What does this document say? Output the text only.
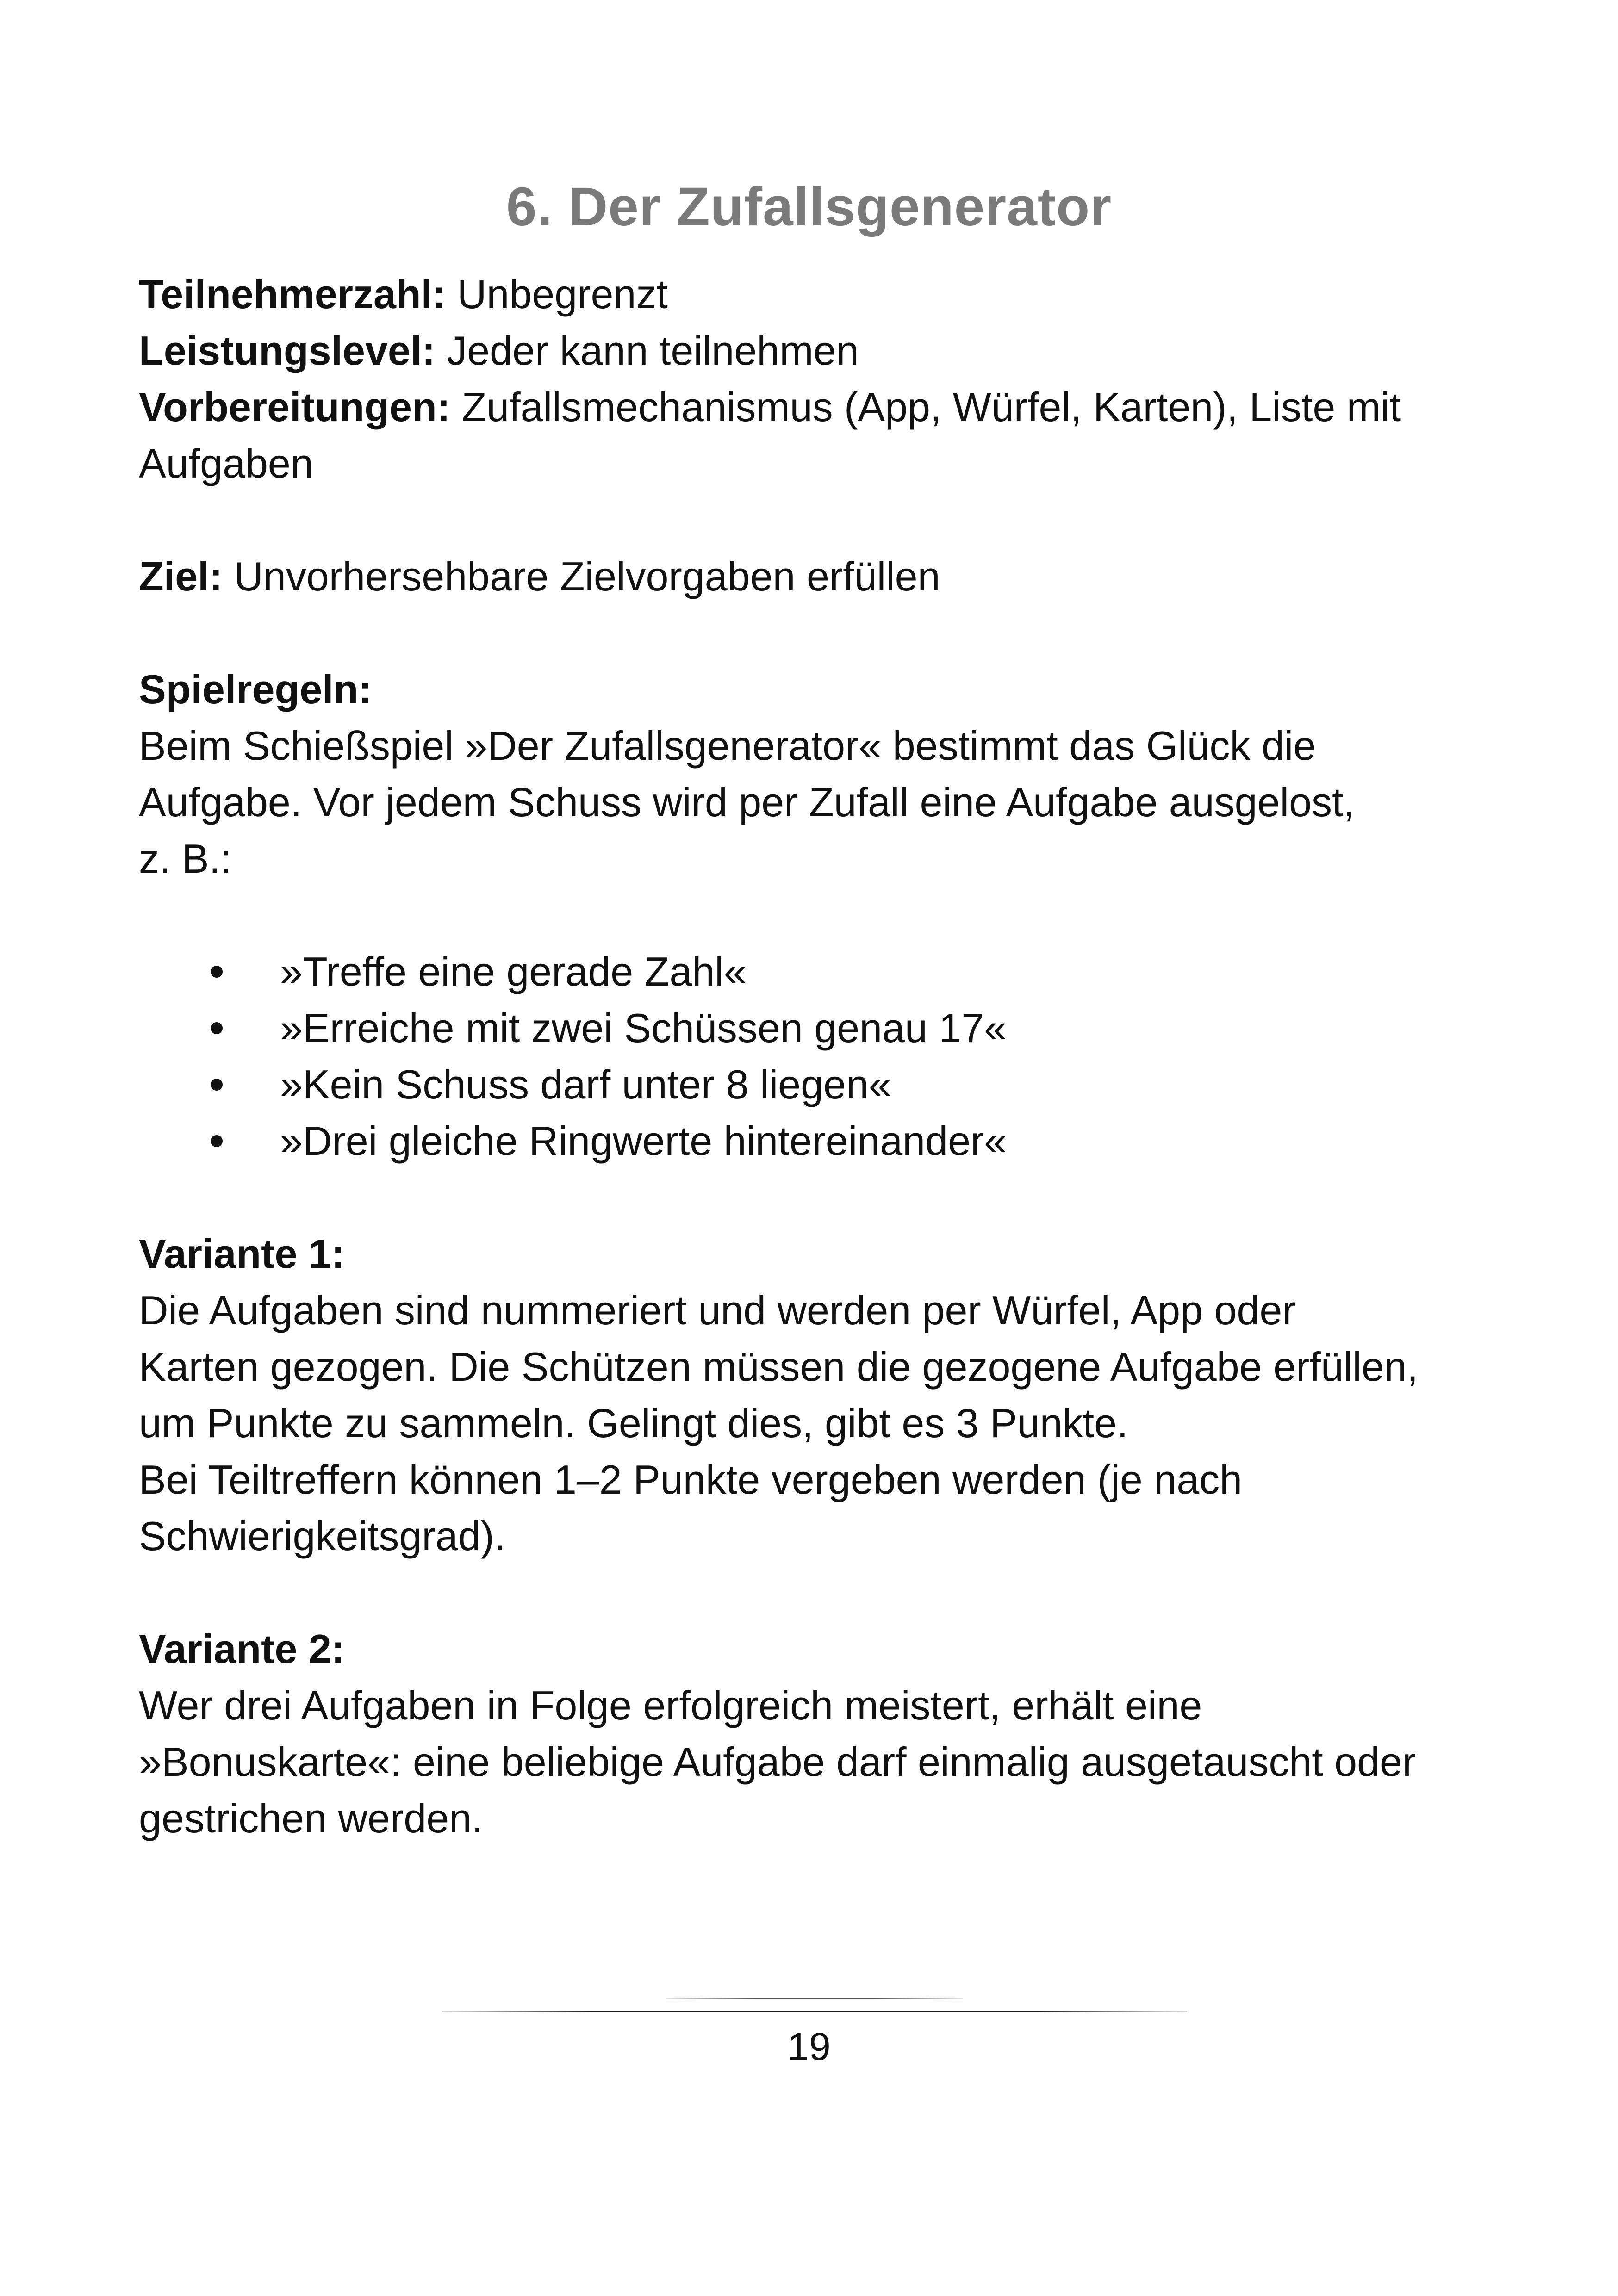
6. Der Zufallsgenerator

Teilnehmerzahl: Unbegrenzt

Leistungslevel: Jeder kann teilnehmen

Vorbereitungen: Zufallsmechanismus (App, Würfel, Karten), Liste mit

Aufgaben

Ziel: Unvorhersehbare Zielvorgaben erfüllen

Spielregeln:

Beim Schießspiel »Der Zufallsgenerator« bestimmt das Glück die

Aufgabe. Vor jedem Schuss wird per Zufall eine Aufgabe ausgelost,

z. B.:

»Treffe eine gerade Zahl«
»Erreiche mit zwei Schüssen genau 17«
»Kein Schuss darf unter 8 liegen«
»Drei gleiche Ringwerte hintereinander«

Variante 1:

Die Aufgaben sind nummeriert und werden per Würfel, App oder

Karten gezogen. Die Schützen müssen die gezogene Aufgabe erfüllen,

um Punkte zu sammeln. Gelingt dies, gibt es 3 Punkte.

Bei Teiltreffern können 1–2 Punkte vergeben werden (je nach

Schwierigkeitsgrad).

Variante 2:

Wer drei Aufgaben in Folge erfolgreich meistert, erhält eine

»Bonuskarte«: eine beliebige Aufgabe darf einmalig ausgetauscht oder

gestrichen werden.

19
